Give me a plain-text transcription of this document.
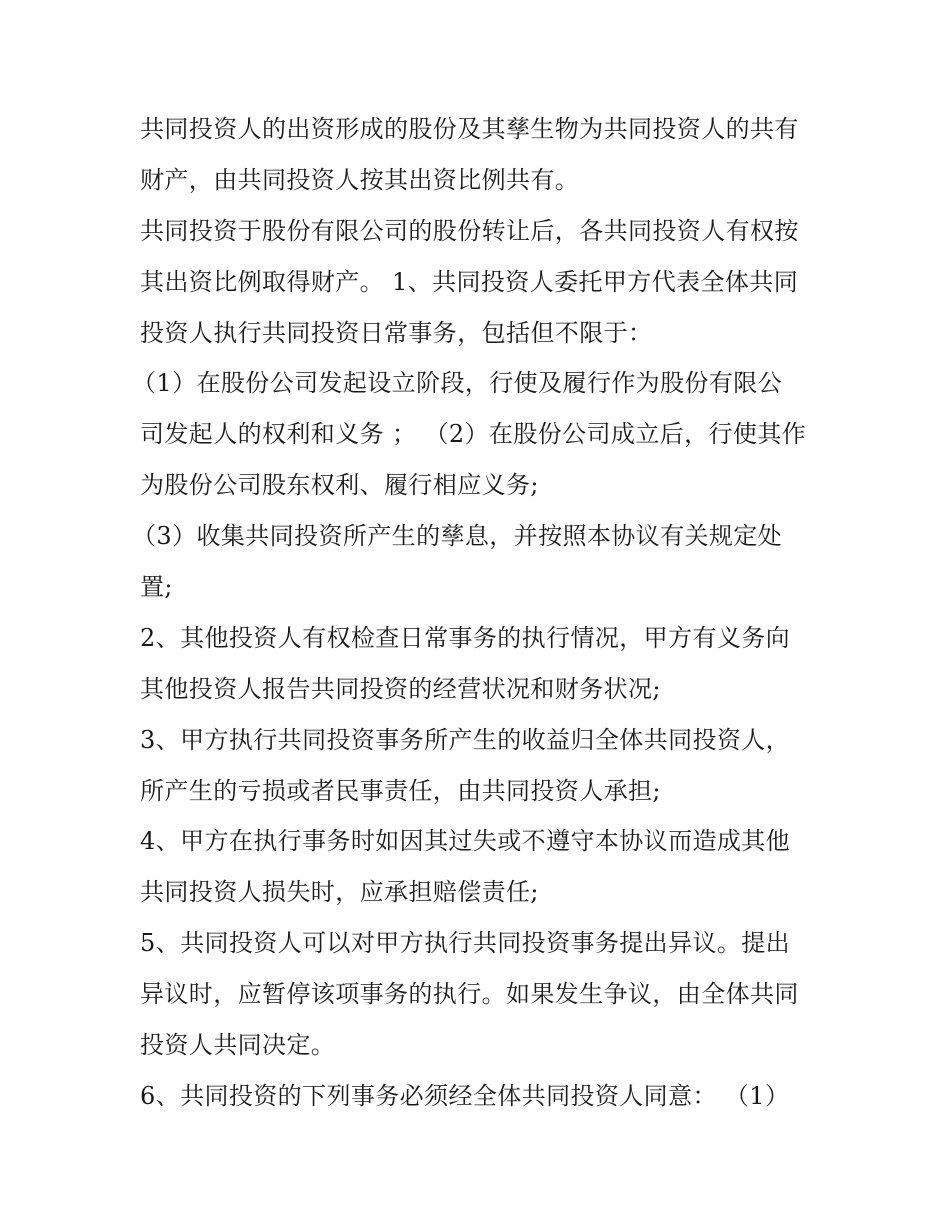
共同投资人的出资形成的股份及其孳生物为共同投资人的共有
财产，由共同投资人按其出资比例共有。
共同投资于股份有限公司的股份转让后，各共同投资人有权按
其出资比例取得财产。 1、共同投资人委托甲方代表全体共同
投资人执行共同投资日常事务，包括但不限于：
（1）在股份公司发起设立阶段，行使及履行作为股份有限公
司发起人的权利和义务 ； （2）在股份公司成立后，行使其作
为股份公司股东权利、履行相应义务;
（3）收集共同投资所产生的孳息，并按照本协议有关规定处
置;
2、其他投资人有权检查日常事务的执行情况，甲方有义务向
其他投资人报告共同投资的经营状况和财务状况;
3、甲方执行共同投资事务所产生的收益归全体共同投资人，
所产生的亏损或者民事责任，由共同投资人承担;
4、甲方在执行事务时如因其过失或不遵守本协议而造成其他
共同投资人损失时，应承担赔偿责任;
5、共同投资人可以对甲方执行共同投资事务提出异议。提出
异议时，应暂停该项事务的执行。如果发生争议，由全体共同
投资人共同决定。
6、共同投资的下列事务必须经全体共同投资人同意： （1）
